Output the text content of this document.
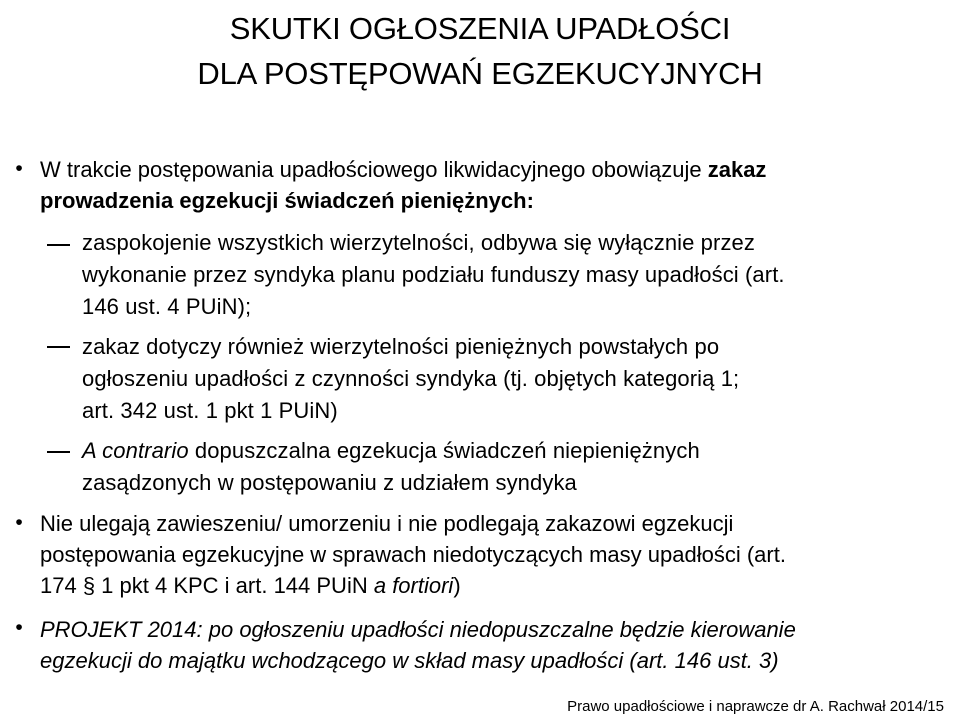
SKUTKI OGŁOSZENIA UPADŁOŚCI
DLA POSTĘPOWAŃ EGZEKUCYJNYCH
• W trakcie postępowania upadłościowego likwidacyjnego obowiązuje zakaz
prowadzenia egzekucji świadczeń pieniężnych:
zaspokojenie wszystkich wierzytelności, odbywa się wyłącznie przez
wykonanie przez syndyka planu podziału funduszy masy upadłości (art.
146 ust. 4 PUiN);
zakaz dotyczy również wierzytelności pieniężnych powstałych po
ogłoszeniu upadłości z czynności syndyka (tj. objętych kategorią 1;
art. 342 ust. 1 pkt 1 PUiN)
A contrario dopuszczalna egzekucja świadczeń niepieniężnych
zasądzonych w postępowaniu z udziałem syndyka
• Nie ulegają zawieszeniu/ umorzeniu i nie podlegają zakazowi egzekucji
postępowania egzekucyjne w sprawach niedotyczących masy upadłości (art.
174 § 1 pkt 4 KPC i art. 144 PUiN a fortiori)
• PROJEKT 2014: po ogłoszeniu upadłości niedopuszczalne będzie kierowanie
egzekucji do majątku wchodzącego w skład masy upadłości (art. 146 ust. 3)
Prawo upadłościowe i naprawcze dr A. Rachwał 2014/15
